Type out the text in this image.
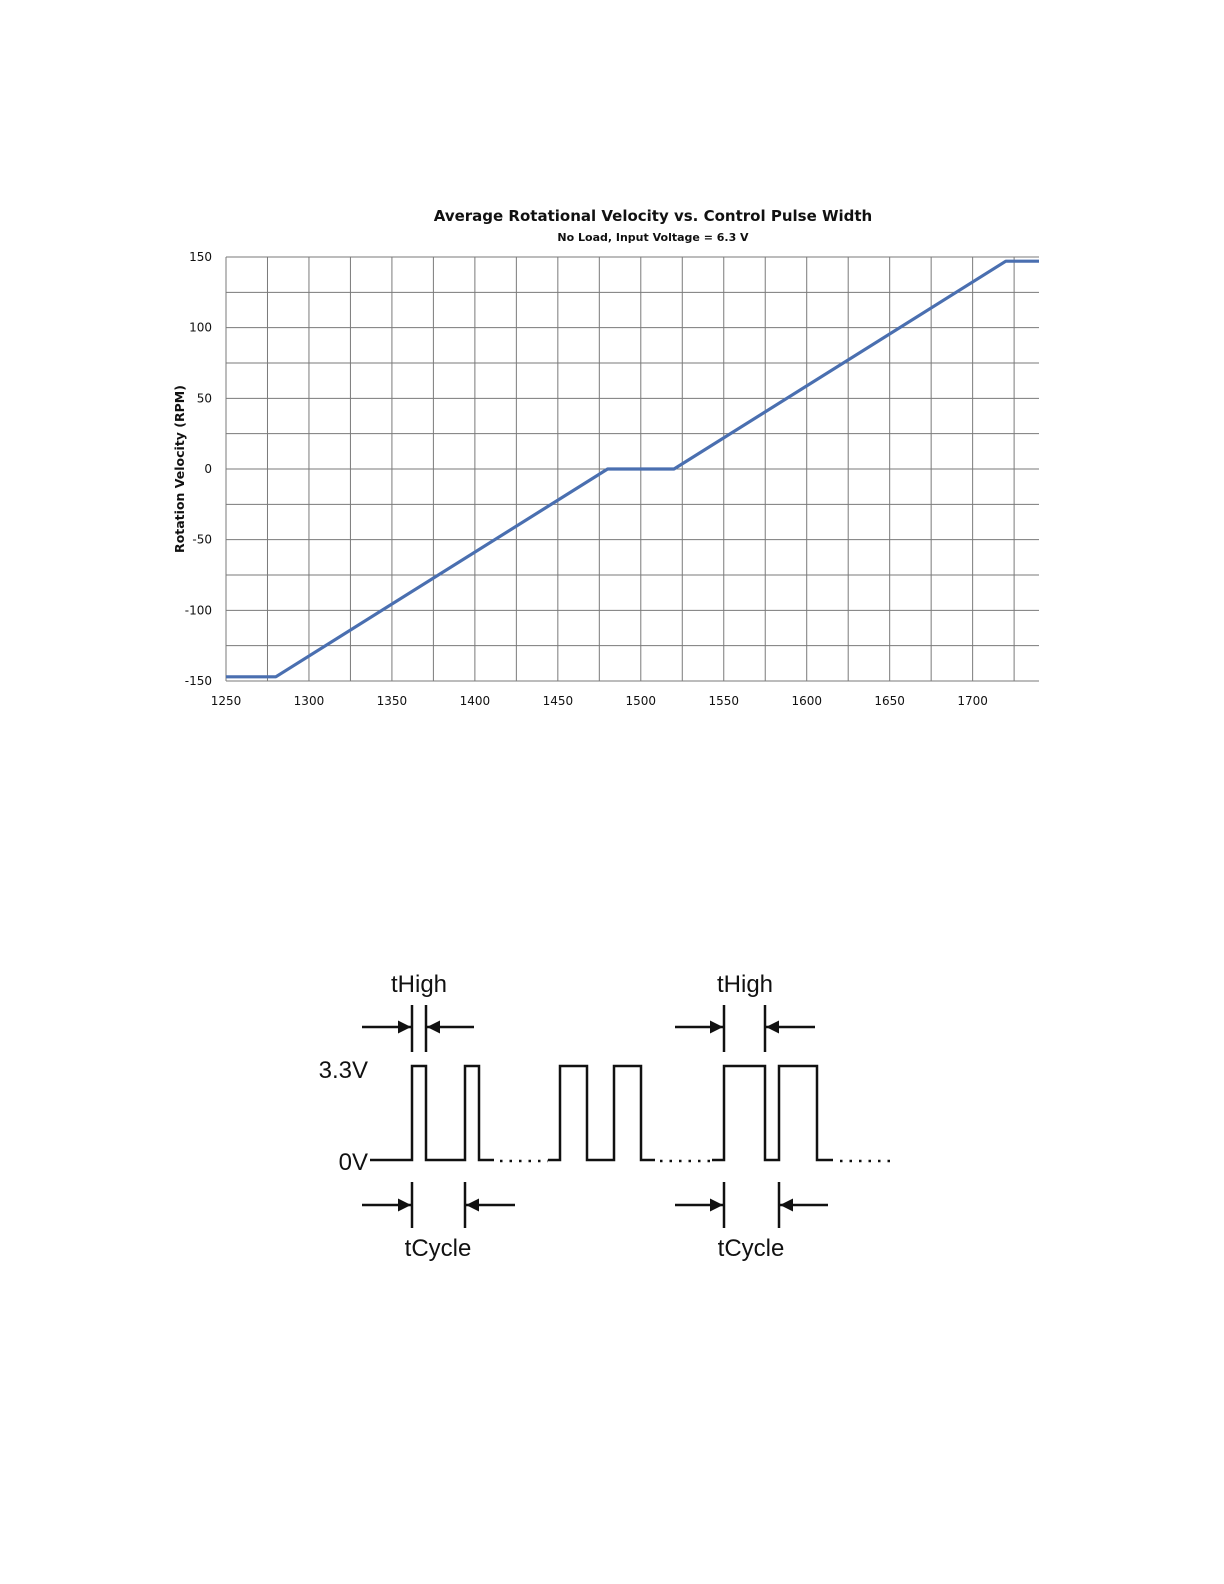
Average Rotational Velocity vs. Control Pulse Width
No Load, Input Voltage = 6.3 V
Rotation Velocity (RPM)
1250	1300	1350	1400	1450	1500	1550	1600	1650	1700
150
100
50
0
-50
-100
-150
3.3V
0V
tHigh	tHigh
tCycle	tCycle
